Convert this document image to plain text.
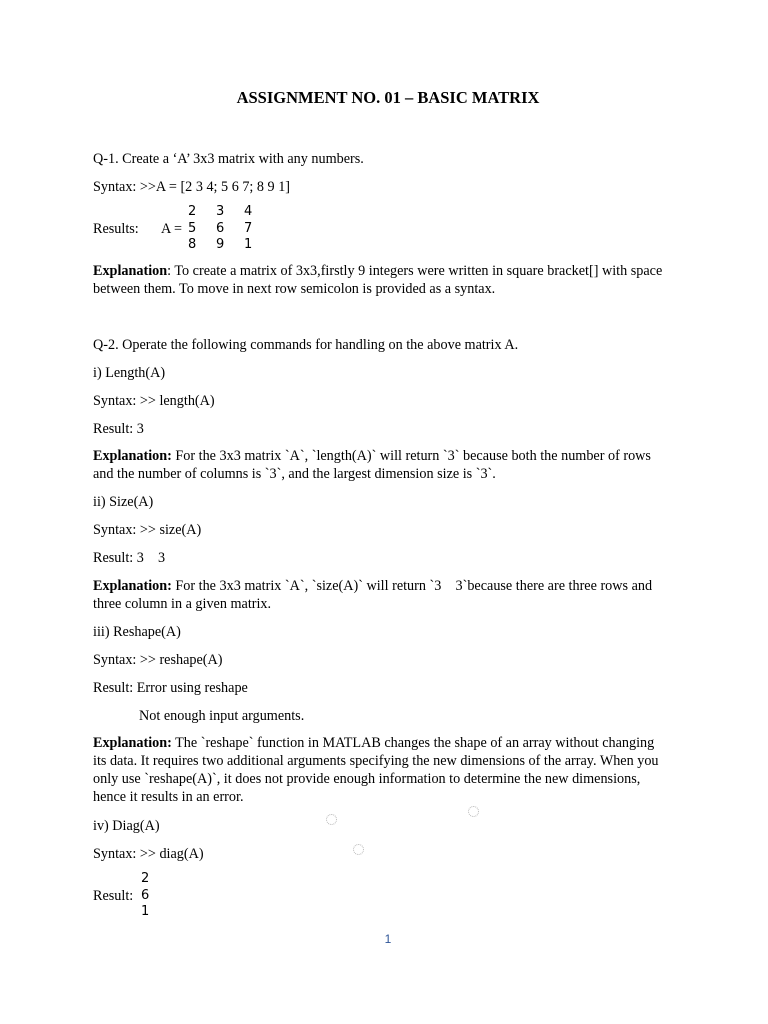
ASSIGNMENT NO. 01 – BASIC MATRIX
Q-1. Create a ‘A’ 3x3 matrix with any numbers.
Syntax: >>A = [2 3 4; 5 6 7; 8 9 1]
Results: A =
2 3 4
5 6 7
8 9 1
Explanation: To create a matrix of 3x3,firstly 9 integers were written in square bracket[] with space between them. To move in next row semicolon is provided as a syntax.
Q-2. Operate the following commands for handling on the above matrix A.
i) Length(A)
Syntax: >> length(A)
Result: 3
Explanation: For the 3x3 matrix `A`, `length(A)` will return `3` because both the number of rows and the number of columns is `3`, and the largest dimension size is `3`.
ii) Size(A)
Syntax: >> size(A)
Result: 3    3
Explanation: For the 3x3 matrix `A`, `size(A)` will return `3    3`because there are three rows and three column in a given matrix.
iii) Reshape(A)
Syntax: >> reshape(A)
Result: Error using reshape
Not enough input arguments.
Explanation: The `reshape` function in MATLAB changes the shape of an array without changing its data. It requires two additional arguments specifying the new dimensions of the array. When you only use `reshape(A)`, it does not provide enough information to determine the new dimensions, hence it results in an error.
iv) Diag(A)
Syntax: >> diag(A)
Result:
2
6
1
1
